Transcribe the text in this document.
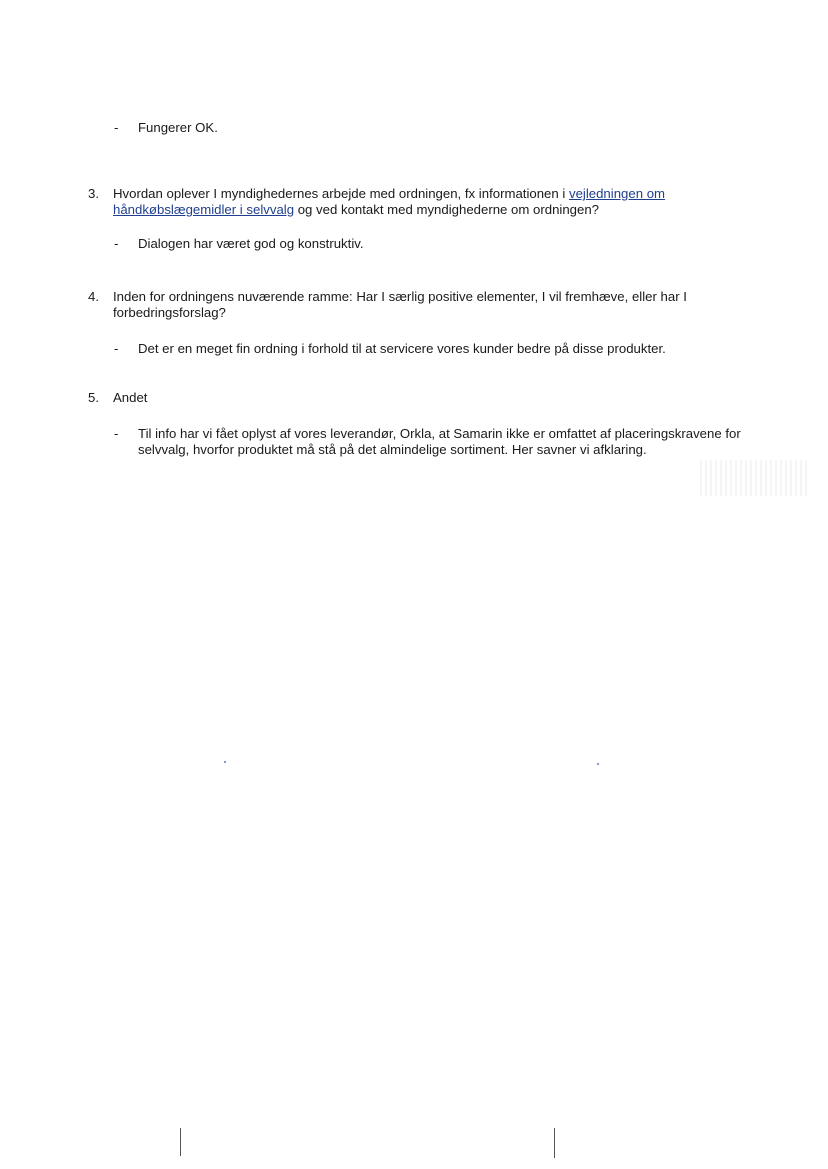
-	Fungerer OK.
3.	Hvordan oplever I myndighedernes arbejde med ordningen, fx informationen i vejledningen om håndkøbslægemidler i selvvalg og ved kontakt med myndighederne om ordningen?
-	Dialogen har været god og konstruktiv.
4.	Inden for ordningens nuværende ramme: Har I særlig positive elementer, I vil fremhæve, eller har I forbedringsforslag?
-	Det er en meget fin ordning i forhold til at servicere vores kunder bedre på disse produkter.
5.	Andet
-	Til info har vi fået oplyst af vores leverandør, Orkla, at Samarin ikke er omfattet af placeringskravene for selvvalg, hvorfor produktet må stå på det almindelige sortiment. Her savner vi afklaring.
